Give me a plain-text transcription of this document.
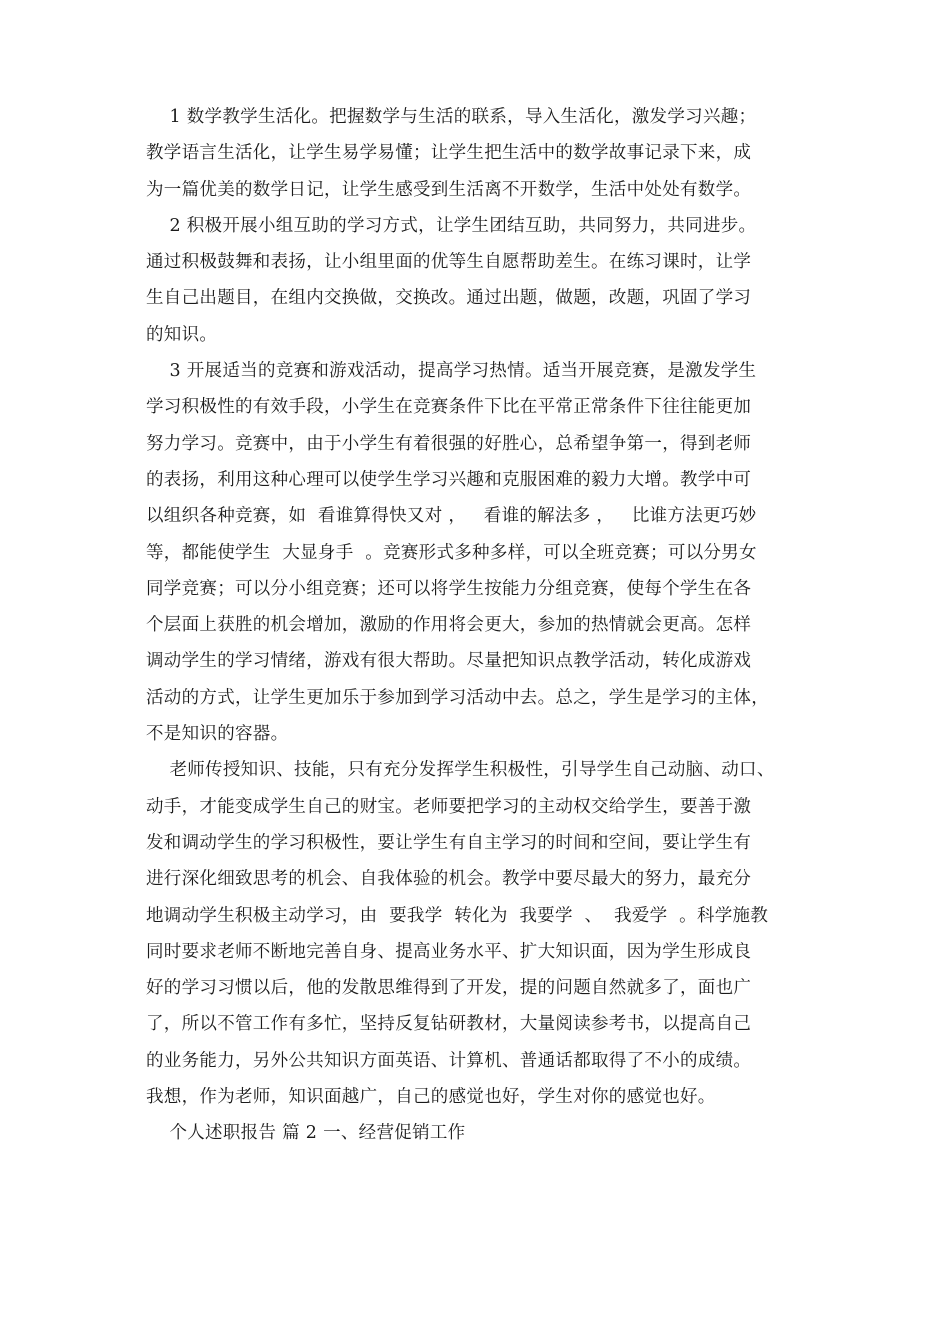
1 数学教学生活化。把握数学与生活的联系，导入生活化，激发学习兴趣；
教学语言生活化，让学生易学易懂；让学生把生活中的数学故事记录下来，成
为一篇优美的数学日记，让学生感受到生活离不开数学，生活中处处有数学。
2 积极开展小组互助的学习方式，让学生团结互助，共同努力，共同进步。
通过积极鼓舞和表扬，让小组里面的优等生自愿帮助差生。在练习课时，让学
生自己出题目，在组内交换做，交换改。通过出题，做题，改题，巩固了学习
的知识。
3 开展适当的竞赛和游戏活动，提高学习热情。适当开展竞赛，是激发学生
学习积极性的有效手段，小学生在竞赛条件下比在平常正常条件下往往能更加
努力学习。竞赛中，由于小学生有着很强的好胜心，总希望争第一，得到老师
的表扬，利用这种心理可以使学生学习兴趣和克服困难的毅力大增。教学中可
以组织各种竞赛，如  看谁算得快又对 ，   看谁的解法多 ，   比谁方法更巧妙
等，都能使学生  大显身手  。竞赛形式多种多样，可以全班竞赛；可以分男女
同学竞赛；可以分小组竞赛；还可以将学生按能力分组竞赛，使每个学生在各
个层面上获胜的机会增加，激励的作用将会更大，参加的热情就会更高。怎样
调动学生的学习情绪，游戏有很大帮助。尽量把知识点教学活动，转化成游戏
活动的方式，让学生更加乐于参加到学习活动中去。总之，学生是学习的主体，
不是知识的容器。
老师传授知识、技能，只有充分发挥学生积极性，引导学生自己动脑、动口、
动手，才能变成学生自己的财宝。老师要把学习的主动权交给学生，要善于激
发和调动学生的学习积极性，要让学生有自主学习的时间和空间，要让学生有
进行深化细致思考的机会、自我体验的机会。教学中要尽最大的努力，最充分
地调动学生积极主动学习，由  要我学  转化为  我要学  、  我爱学  。科学施教
同时要求老师不断地完善自身、提高业务水平、扩大知识面，因为学生形成良
好的学习习惯以后，他的发散思维得到了开发，提的问题自然就多了，面也广
了，所以不管工作有多忙，坚持反复钻研教材，大量阅读参考书，以提高自己
的业务能力，另外公共知识方面英语、计算机、普通话都取得了不小的成绩。
我想，作为老师，知识面越广，自己的感觉也好，学生对你的感觉也好。
个人述职报告 篇 2 一、经营促销工作
